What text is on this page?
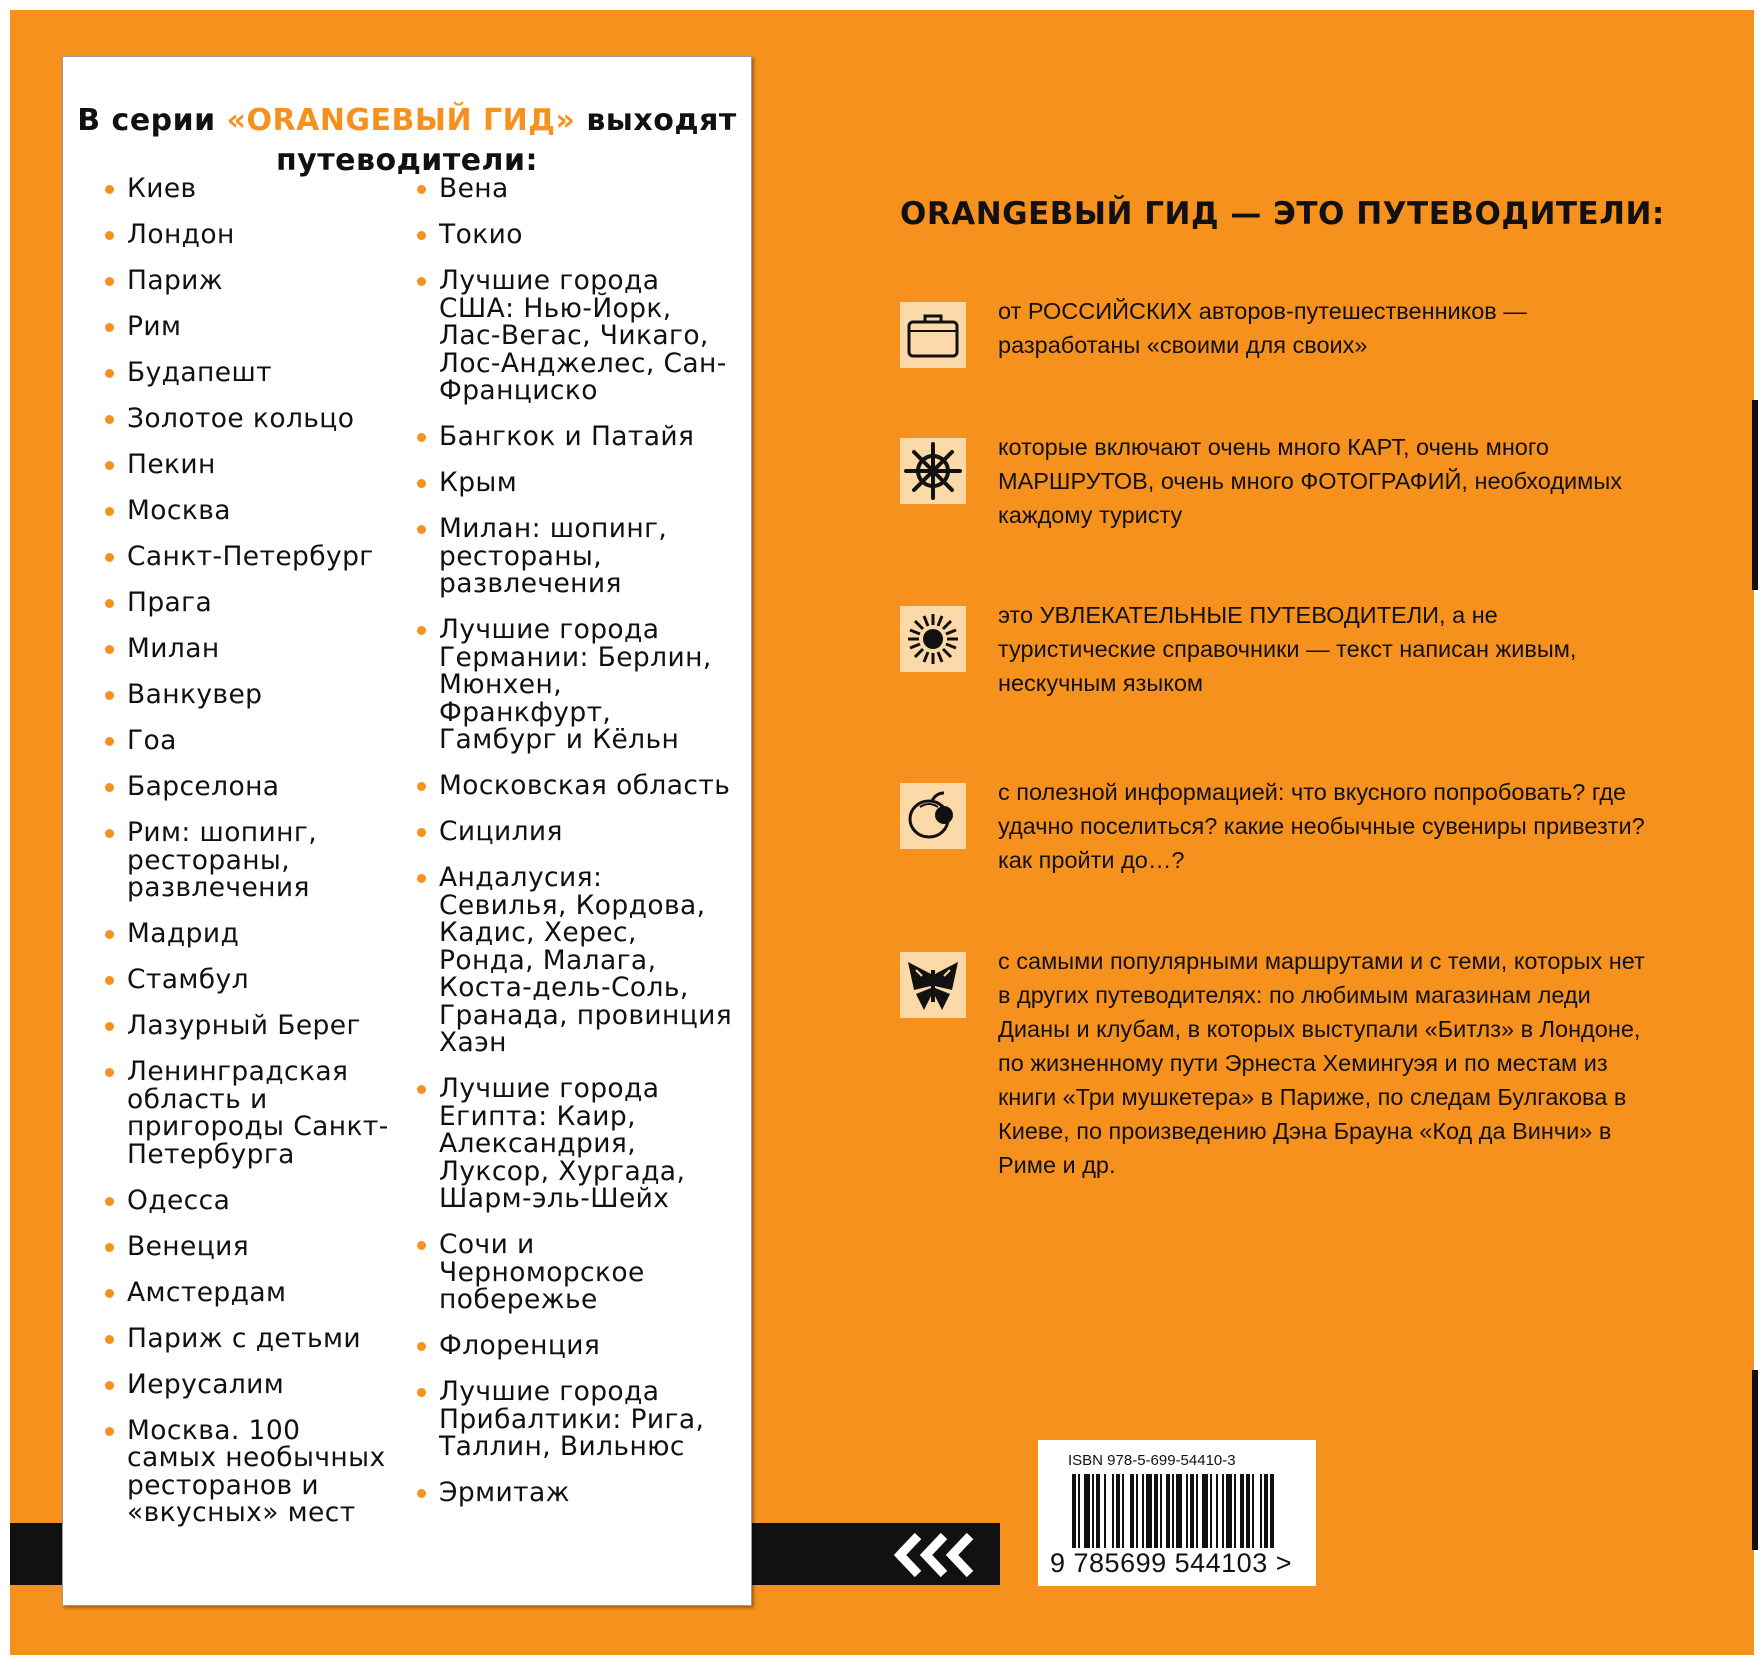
В серии «ORANGEВЫЙ ГИД» выходят
путеводители:
Киев
Лондон
Париж
Рим
Будапешт
Золотое кольцо
Пекин
Москва
Санкт-Петербург
Прага
Милан
Ванкувер
Гоа
Барселона
Рим: шопинг, рестораны, развлечения
Мадрид
Стамбул
Лазурный Берег
Ленинградская область и пригороды Санкт-Петербурга
Одесса
Венеция
Амстердам
Париж с детьми
Иерусалим
Москва. 100 самых необычных ресторанов и «вкусных» мест
Вена
Токио
Лучшие города США: Нью-Йорк, Лас-Вегас, Чикаго, Лос-Анджелес, Сан-Франциско
Бангкок и Патайя
Крым
Милан: шопинг, рестораны, развлечения
Лучшие города Германии: Берлин, Мюнхен, Франкфурт, Гамбург и Кёльн
Московская область
Сицилия
Андалусия: Севилья, Кордова, Кадис, Херес, Ронда, Малага, Коста-дель-Соль, Гранада, провинция Хаэн
Лучшие города Египта: Каир, Александрия, Луксор, Хургада, Шарм-эль-Шейх
Сочи и Черноморское побережье
Флоренция
Лучшие города Прибалтики: Рига, Таллин, Вильнюс
Эрмитаж
ORANGEВЫЙ ГИД — ЭТО ПУТЕВОДИТЕЛИ:
от РОССИЙСКИХ авторов-путешественников — разработаны «своими для своих»
которые включают очень много КАРТ, очень много МАРШРУТОВ, очень много ФОТОГРАФИЙ, необходимых каждому туристу
это УВЛЕКАТЕЛЬНЫЕ ПУТЕВОДИТЕЛИ, а не туристические справочники — текст написан живым, нескучным языком
с полезной информацией: что вкусного попробовать? где удачно поселиться? какие необычные сувениры привезти? как пройти до…?
с самыми популярными маршрутами и с теми, которых нет в других путеводителях: по любимым магазинам леди Дианы и клубам, в которых выступали «Битлз» в Лондоне, по жизненному пути Эрнеста Хемингуэя и по местам из книги «Три мушкетера» в Париже, по следам Булгакова в Киеве, по произведению Дэна Брауна «Код да Винчи» в Риме и др.
ISBN 978-5-699-54410-3
9 785699 544103 >
